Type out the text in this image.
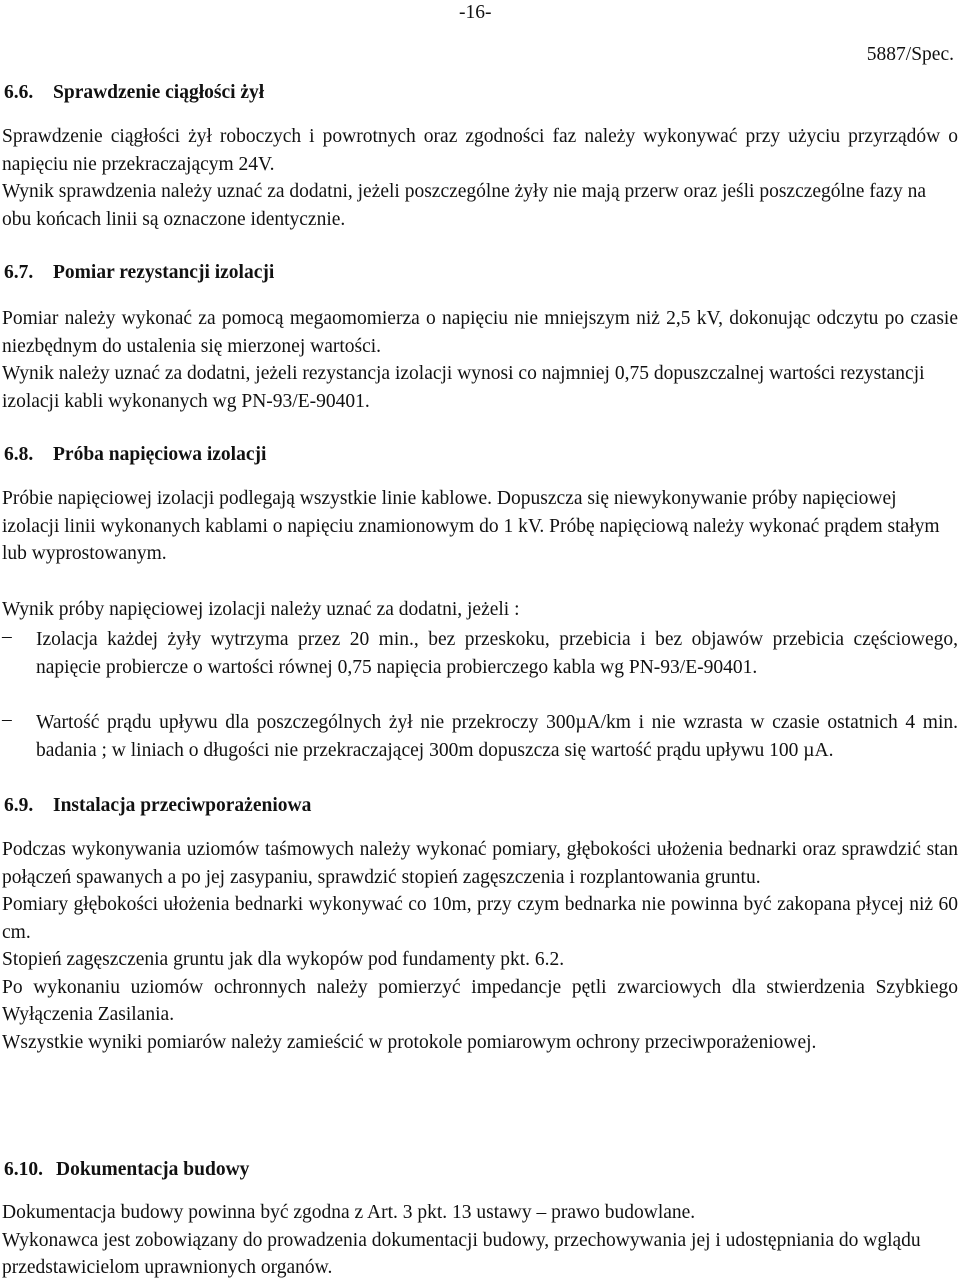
-16-
5887/Spec.
6.6. Sprawdzenie ciągłości żył

Sprawdzenie ciągłości żył roboczych i powrotnych oraz zgodności faz należy wykonywać przy użyciu przyrządów o napięciu nie przekraczającym 24V.

Wynik sprawdzenia należy uznać za dodatni, jeżeli poszczególne żyły nie mają przerw oraz jeśli poszczególne fazy na obu końcach linii są oznaczone identycznie.

6.7. Pomiar rezystancji izolacji

Pomiar należy wykonać za pomocą megaomomierza o napięciu nie mniejszym niż 2,5 kV, dokonując odczytu po czasie niezbędnym do ustalenia się mierzonej wartości.

Wynik należy uznać za dodatni, jeżeli rezystancja izolacji wynosi co najmniej 0,75 dopuszczalnej wartości rezystancji izolacji kabli wykonanych wg PN-93/E-90401.

6.8. Próba napięciowa izolacji

Próbie napięciowej izolacji podlegają wszystkie linie kablowe. Dopuszcza się niewykonywanie próby napięciowej izolacji linii wykonanych kablami o napięciu znamionowym do 1 kV. Próbę napięciową należy wykonać prądem stałym lub wyprostowanym.

Wynik próby napięciowej izolacji należy uznać za dodatni, jeżeli :

– Izolacja każdej żyły wytrzyma przez 20 min., bez przeskoku, przebicia i bez objawów przebicia częściowego, napięcie probiercze o wartości równej 0,75 napięcia probierczego kabla wg PN-93/E-90401.

– Wartość prądu upływu dla poszczególnych żył nie przekroczy 300µA/km i nie wzrasta w czasie ostatnich 4 min. badania ; w liniach o długości nie przekraczającej 300m dopuszcza się wartość prądu upływu 100 µA.

6.9. Instalacja przeciwporażeniowa

Podczas wykonywania uziomów taśmowych należy wykonać pomiary, głębokości ułożenia bednarki oraz sprawdzić stan połączeń spawanych a po jej zasypaniu, sprawdzić stopień zagęszczenia i rozplantowania gruntu.

Pomiary głębokości ułożenia bednarki wykonywać co 10m, przy czym bednarka nie powinna być zakopana płycej niż 60 cm.

Stopień zagęszczenia gruntu jak dla wykopów pod fundamenty pkt. 6.2.

Po wykonaniu uziomów ochronnych należy pomierzyć impedancje pętli zwarciowych dla stwierdzenia Szybkiego Wyłączenia Zasilania.

Wszystkie wyniki pomiarów należy zamieścić w protokole pomiarowym ochrony przeciwporażeniowej.

6.10. Dokumentacja budowy

Dokumentacja budowy powinna być zgodna z Art. 3 pkt. 13 ustawy – prawo budowlane.

Wykonawca jest zobowiązany do prowadzenia dokumentacji budowy, przechowywania jej i udostępniania do wglądu przedstawicielom uprawnionych organów.
